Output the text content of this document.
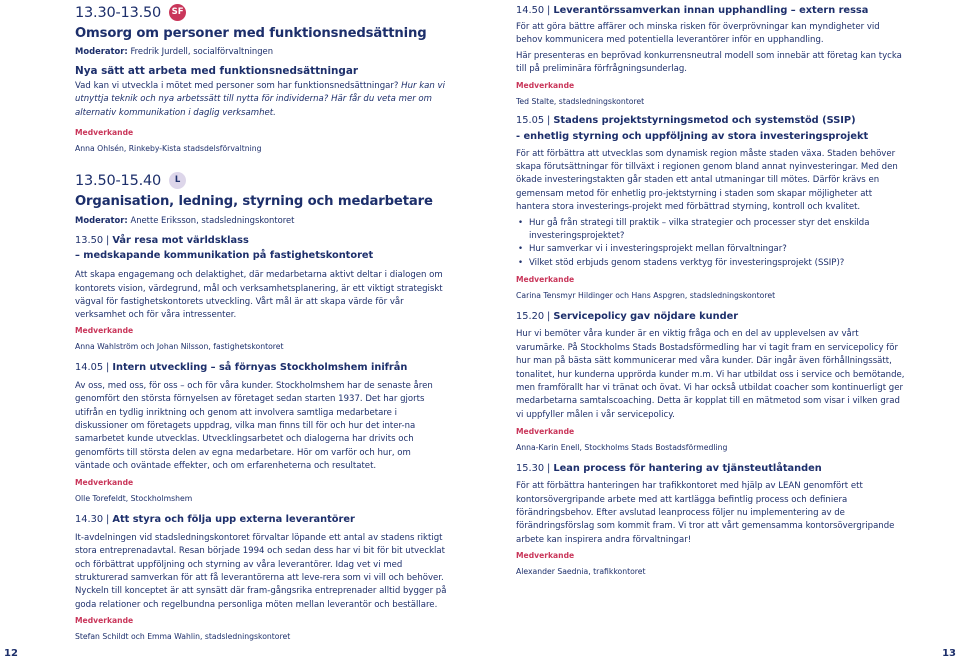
13.30-13.50 SF
Omsorg om personer med funktionsnedsättning
Moderator: Fredrik Jurdell, socialförvaltningen
Nya sätt att arbeta med funktionsnedsättningar
Vad kan vi utveckla i mötet med personer som har funktionsnedsättningar? Hur kan vi utnyttja teknik och nya arbetssätt till nytta för individerna? Här får du veta mer om alternativ kommunikation i daglig verksamhet.
Medverkande
Anna Ohlsén, Rinkeby-Kista stadsdelsförvaltning
13.50-15.40 L
Organisation, ledning, styrning och medarbetare
Moderator: Anette Eriksson, stadsledningskontoret
13.50 | Vår resa mot världsklass
– medskapande kommunikation på fastighetskontoret
Att skapa engagemang och delaktighet, där medarbetarna aktivt deltar i dialogen om kontorets vision, värdegrund, mål och verksamhetsplanering, är ett viktigt strategiskt vägval för fastighetskontorets utveckling. Vårt mål är att skapa värde för vår verksamhet och för våra intressenter.
Medverkande
Anna Wahlström och Johan Nilsson, fastighetskontoret
14.05 | Intern utveckling – så förnyas Stockholmshem inifrån
Av oss, med oss, för oss – och för våra kunder. Stockholmshem har de senaste åren genomfört den största förnyelsen av företaget sedan starten 1937. Det har gjorts utifrån en tydlig inriktning och genom att involvera samtliga medarbetare i diskussioner om företagets uppdrag, vilka man finns till för och hur det inter-na samarbetet kunde utvecklas. Utvecklingsarbetet och dialogerna har drivits och genomförts till största delen av egna medarbetare. Hör om varför och hur, om väntade och oväntade effekter, och om erfarenheterna och resultatet.
Medverkande
Olle Torefeldt, Stockholmshem
14.30 | Att styra och följa upp externa leverantörer
It-avdelningen vid stadsledningskontoret förvaltar löpande ett antal av stadens riktigt stora entreprenadavtal. Resan började 1994 och sedan dess har vi bit för bit utvecklat och förbättrat uppföljning och styrning av våra leverantörer. Idag vet vi med strukturerad samverkan för att få leverantörerna att leve-rera som vi vill och behöver. Nyckeln till konceptet är att synsätt där fram-gångsrika entreprenader alltid bygger på goda relationer och regelbundna personliga möten mellan leverantör och beställare.
Medverkande
Stefan Schildt och Emma Wahlin, stadsledningskontoret
12
14.50 | Leverantörssamverkan innan upphandling – extern ressa
För att göra bättre affärer och minska risken för överprövningar kan myndigheter vid behov kommunicera med potentiella leverantörer inför en upphandling.
Här presenteras en beprövad konkurrensneutral modell som innebär att företag kan tycka till på preliminära förfrågningsunderlag.
Medverkande
Ted Stalte, stadsledningskontoret
15.05 | Stadens projektstyrningsmetod och systemstöd (SSIP)
- enhetlig styrning och uppföljning av stora investeringsprojekt
För att förbättra att utvecklas som dynamisk region måste staden växa. Staden behöver skapa förutsättningar för tillväxt i regionen genom bland annat nyinvesteringar. Med den ökade investeringstakten går staden ett antal utmaningar till mötes. Därför krävs en gemensam metod för enhetlig pro-jektstyrning i staden som skapar möjligheter att hantera stora investerings-projekt med förbättrad styrning, kontroll och kvalitet.
• Hur gå från strategi till praktik – vilka strategier och processer styr det enskilda investeringsprojektet?
• Hur samverkar vi i investeringsprojekt mellan förvaltningar?
• Vilket stöd erbjuds genom stadens verktyg för investeringsprojekt (SSIP)?
Medverkande
Carina Tensmyr Hildinger och Hans Aspgren, stadsledningskontoret
15.20 | Servicepolicy gav nöjdare kunder
Hur vi bemöter våra kunder är en viktig fråga och en del av upplevelsen av vårt varumärke. På Stockholms Stads Bostadsförmedling har vi tagit fram en servicepolicy för hur man på bästa sätt kommunicerar med våra kunder. Där ingår även förhållningssätt, tonalitet, hur kunderna upprörda kunder m.m. Vi har utbildat oss i service och bemötande, men framförallt har vi tränat och övat. Vi har också utbildat coacher som kontinuerligt ger medarbetarna samtalscoaching. Detta är kopplat till en mätmetod som visar i vilken grad vi uppfyller målen i vår servicepolicy.
Medverkande
Anna-Karin Enell, Stockholms Stads Bostadsförmedling
15.30 | Lean process för hantering av tjänsteutlåtanden
För att förbättra hanteringen har trafikkontoret med hjälp av LEAN genomfört ett kontorsövergripande arbete med att kartlägga befintlig process och definiera förändringsbehov. Efter avslutad leanprocess följer nu implementering av de förändringsförslag som kommit fram. Vi tror att vårt gemensamma kontorsövergripande arbete kan inspirera andra förvaltningar!
Medverkande
Alexander Saednia, trafikkontoret
13
